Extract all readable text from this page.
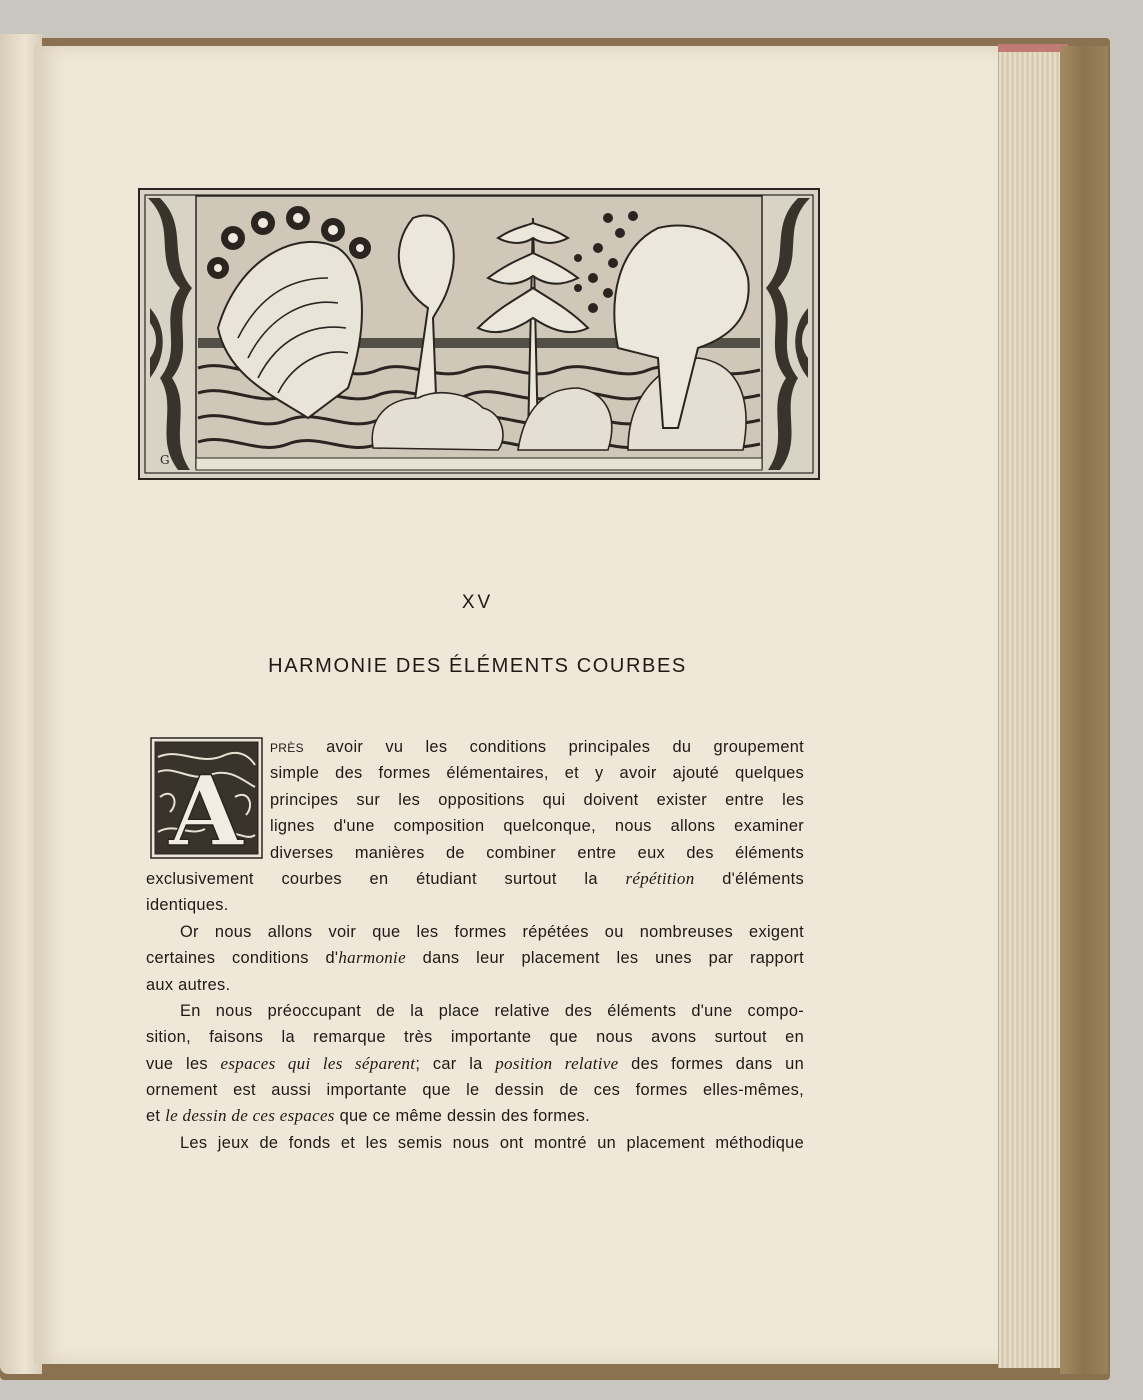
G
A
XV
HARMONIE DES ÉLÉMENTS COURBES
PRÈS avoir vu les conditions principales du groupement
simple des formes élémentaires, et y avoir ajouté quelques
principes sur les oppositions qui doivent exister entre les
lignes d'une composition quelconque, nous allons examiner
diverses manières de combiner entre eux des éléments
exclusivement courbes en étudiant surtout la répétition d'éléments
identiques.
Or nous allons voir que les formes répétées ou nombreuses exigent
certaines conditions d'harmonie dans leur placement les unes par rapport
aux autres.
En nous préoccupant de la place relative des éléments d'une compo-
sition, faisons la remarque très importante que nous avons surtout en
vue les espaces qui les séparent; car la position relative des formes dans un
ornement est aussi importante que le dessin de ces formes elles-mêmes,
et le dessin de ces espaces que ce même dessin des formes.
Les jeux de fonds et les semis nous ont montré un placement méthodique
